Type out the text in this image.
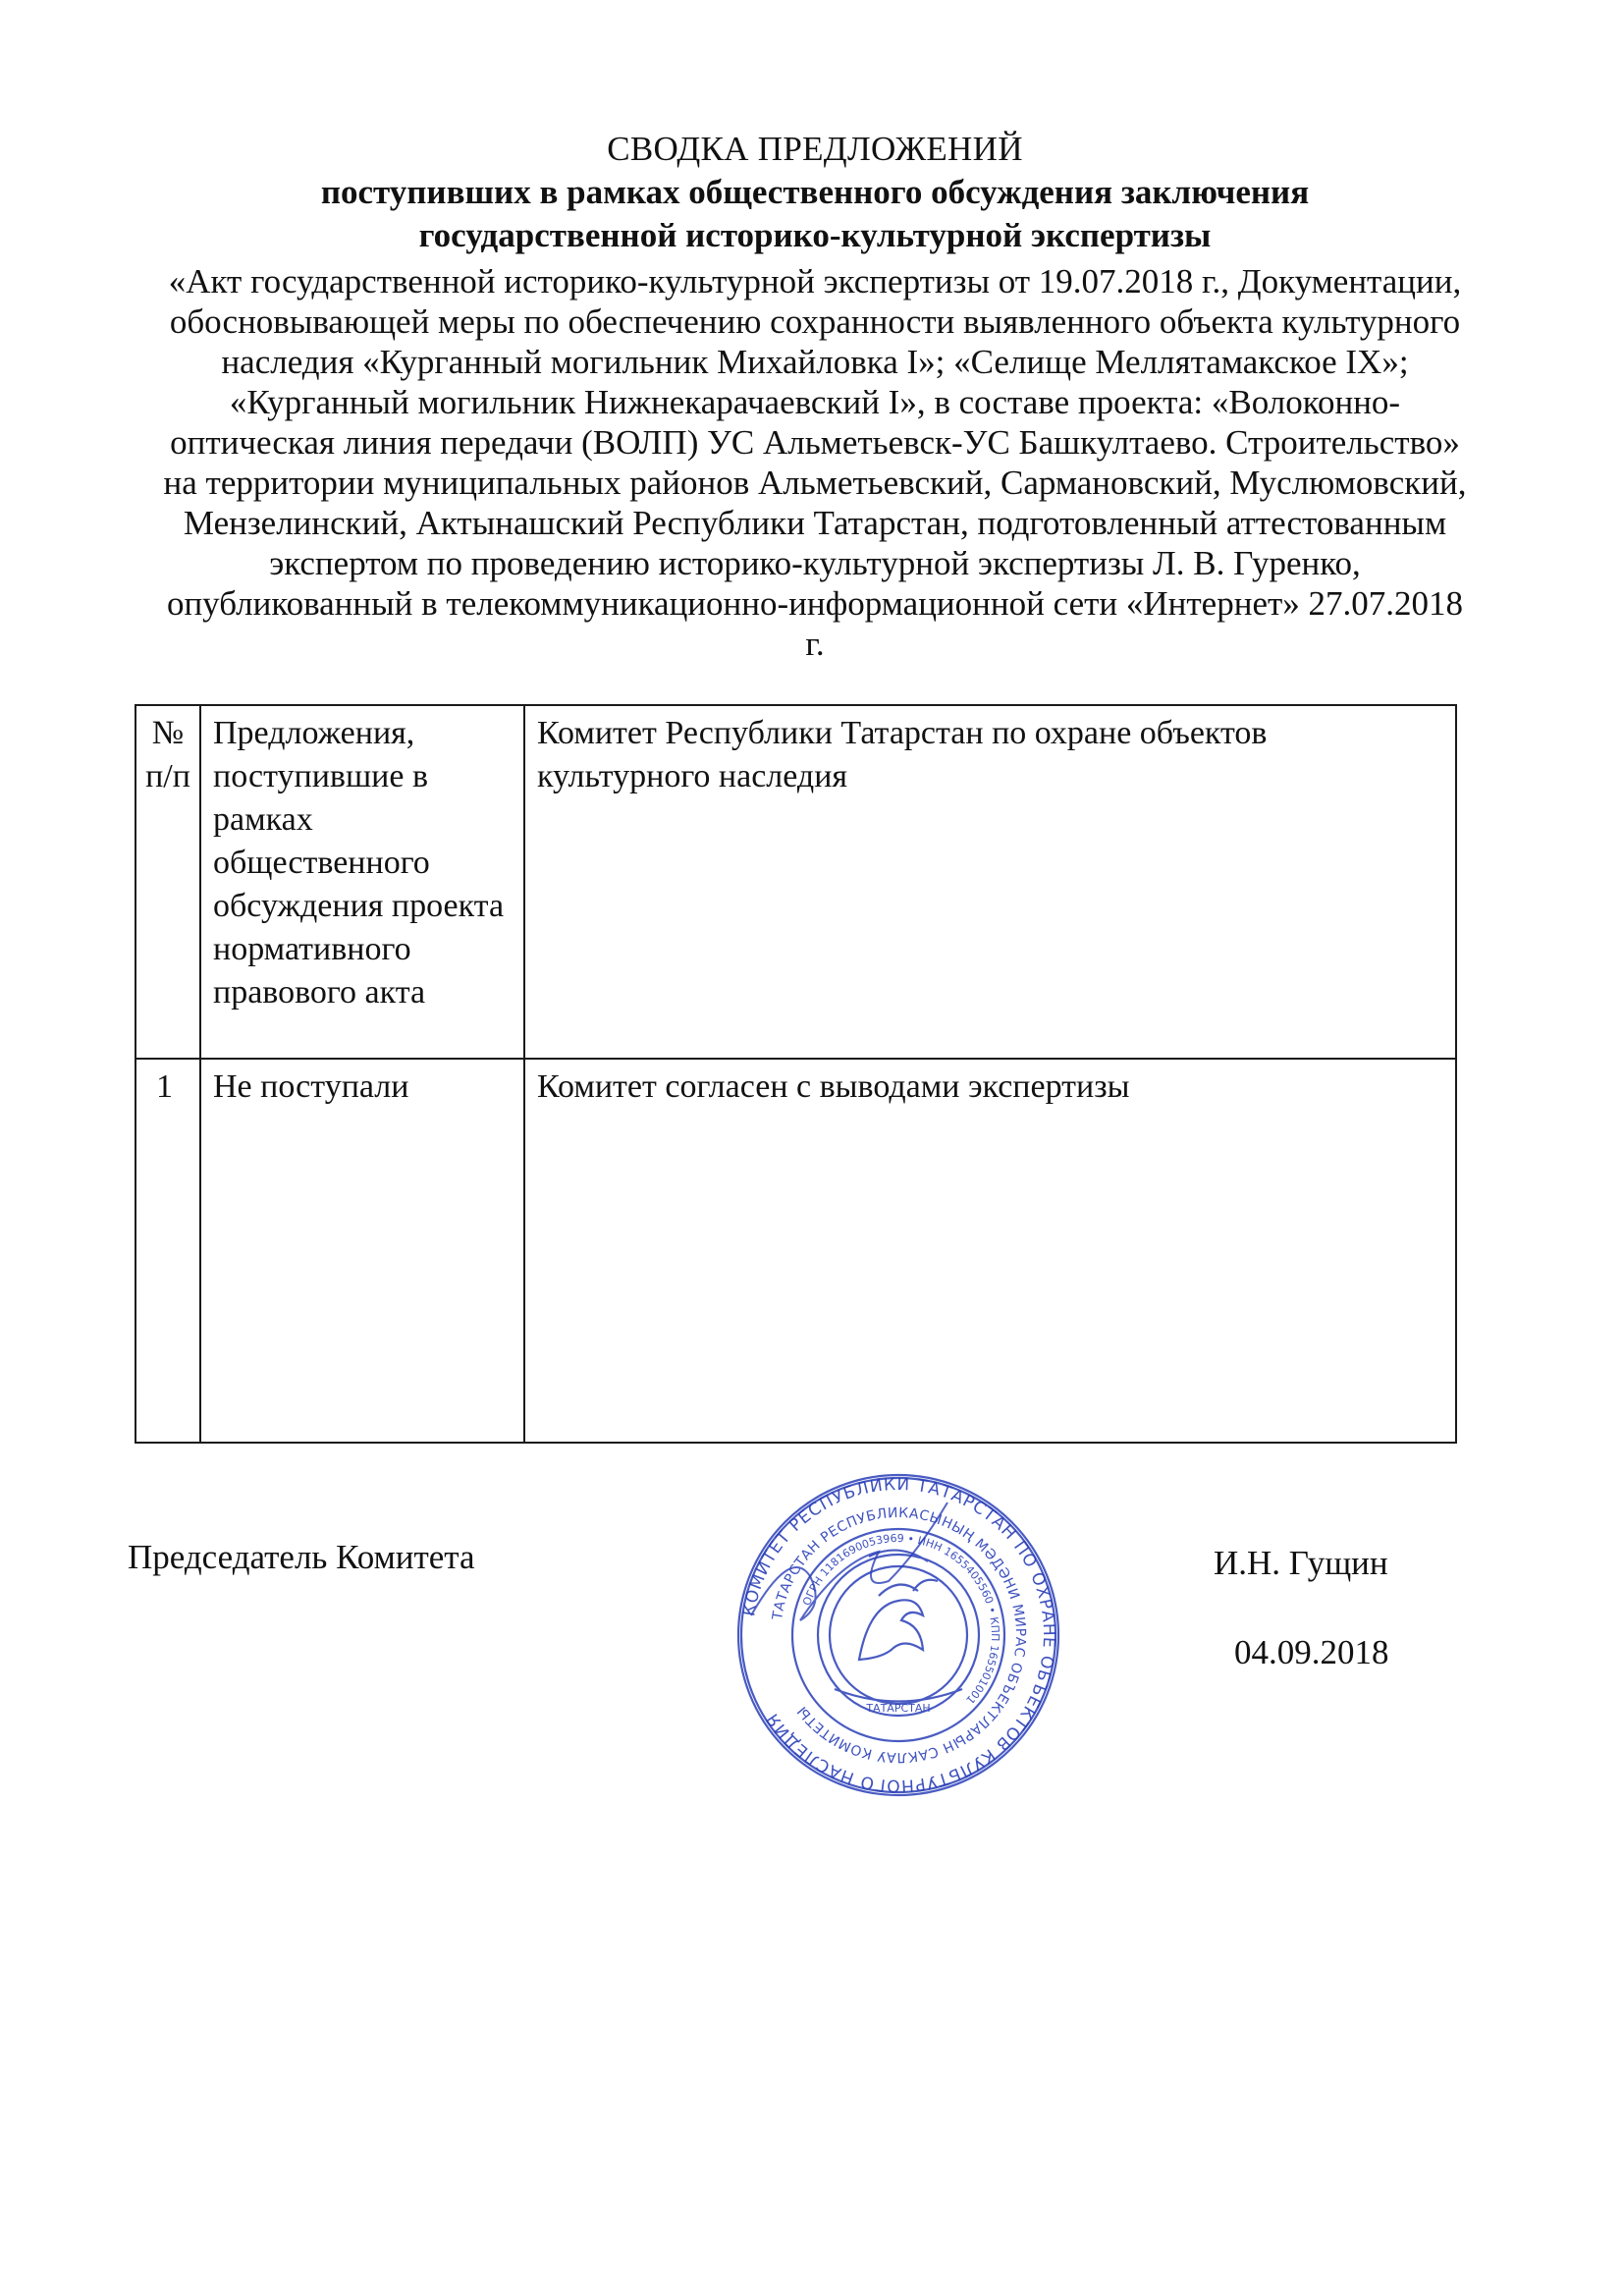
СВОДКА ПРЕДЛОЖЕНИЙ
поступивших в рамках общественного обсуждения заключения
государственной историко-культурной экспертизы
«Акт государственной историко-культурной экспертизы от 19.07.2018 г., Документации, обосновывающей меры по обеспечению сохранности выявленного объекта культурного наследия «Курганный могильник Михайловка I»; «Селище Меллятамакское IX»; «Курганный могильник Нижнекарачаевский I», в составе проекта: «Волоконно-оптическая линия передачи (ВОЛП) УС Альметьевск-УС Башкултаево. Строительство» на территории муниципальных районов Альметьевский, Сармановский, Муслюмовский, Мензелинский, Актынашский Республики Татарстан, подготовленный аттестованным экспертом по проведению историко-культурной экспертизы Л. В. Гуренко, опубликованный в телекоммуникационно-информационной сети «Интернет» 27.07.2018 г.
№ п/п	Предложения, поступившие в рамках общественного обсуждения проекта нормативного правового акта	Комитет Республики Татарстан по охране объектов культурного наследия
1	Не поступали	Комитет согласен с выводами экспертизы
Председатель Комитета	И.Н. Гущин
04.09.2018
КОМИТЕТ РЕСПУБЛИКИ ТАТАРСТАН ПО ОХРАНЕ ОБЪЕКТОВ КУЛЬТУРНОГО НАСЛЕДИЯ
ТАТАРСТАН РЕСПУБЛИКАСЫНЫҢ МӘДӘНИ МИРАС ОБЪЕКТЛАРЫН САКЛАУ КОМИТЕТЫ
ОГРН 1181690053969 • ИНН 1655405560 • КПП 165501001
ТАТАРСТАН
